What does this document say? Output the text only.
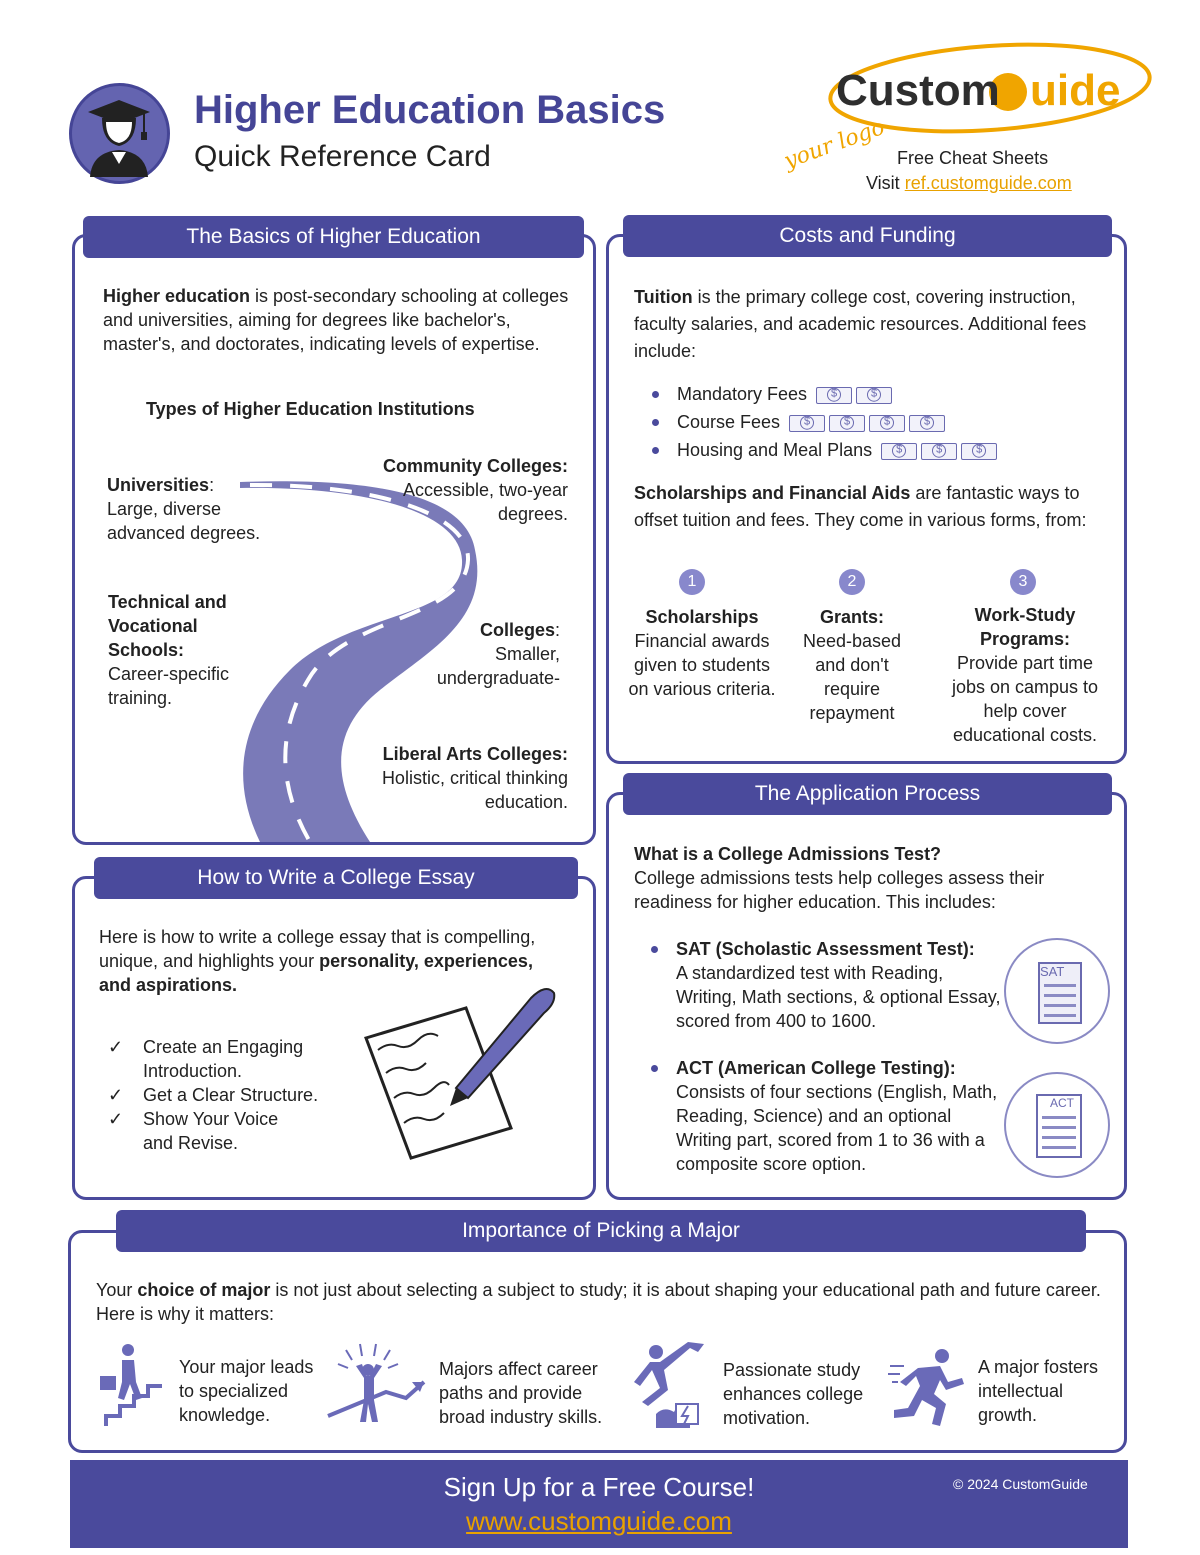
Higher Education Basics
Quick Reference Card
Custom uide
your logo Free Cheat Sheets
Visit ref.customguide.com
The Basics of Higher Education
Higher education is post-secondary schooling at colleges and universities, aiming for degrees like bachelor's, master's, and doctorates, indicating levels of expertise.
Types of Higher Education Institutions
Universities:
Large, diverse advanced degrees.
Community Colleges:
Accessible, two-year degrees.
Technical and Vocational Schools:
Career-specific training.
Colleges:
Smaller, undergraduate-
Liberal Arts Colleges:
Holistic, critical thinking education.
Costs and Funding
Tuition is the primary college cost, covering instruction, faculty salaries, and academic resources. Additional fees include:
Mandatory Fees $$
Course Fees $$$$
Housing and Meal Plans $$$
Scholarships and Financial Aids are fantastic ways to offset tuition and fees. They come in various forms, from:
1
Scholarships
Financial awards given to students on various criteria.
2
Grants:
Need-based and don't require repayment
3
Work-Study Programs:
Provide part time jobs on campus to help cover educational costs.
How to Write a College Essay
Here is how to write a college essay that is compelling, unique, and highlights your personality, experiences, and aspirations.
✓	Create an Engaging Introduction.
✓	Get a Clear Structure.
✓	Show Your Voice and Revise.
The Application Process
What is a College Admissions Test?
College admissions tests help colleges assess their readiness for higher education. This includes:
SAT (Scholastic Assessment Test):
A standardized test with Reading, Writing, Math sections, & optional Essay, scored from 400 to 1600.
SAT
ACT (American College Testing):
Consists of four sections (English, Math, Reading, Science) and an optional Writing part, scored from 1 to 36 with a composite score option.
ACT
Importance of Picking a Major
Your choice of major is not just about selecting a subject to study; it is about shaping your educational path and future career. Here is why it matters:
Your major leads to specialized knowledge.
Majors affect career paths and provide broad industry skills.
Passionate study enhances college motivation.
A major fosters intellectual growth.
Sign Up for a Free Course!
www.customguide.com
© 2024 CustomGuide
